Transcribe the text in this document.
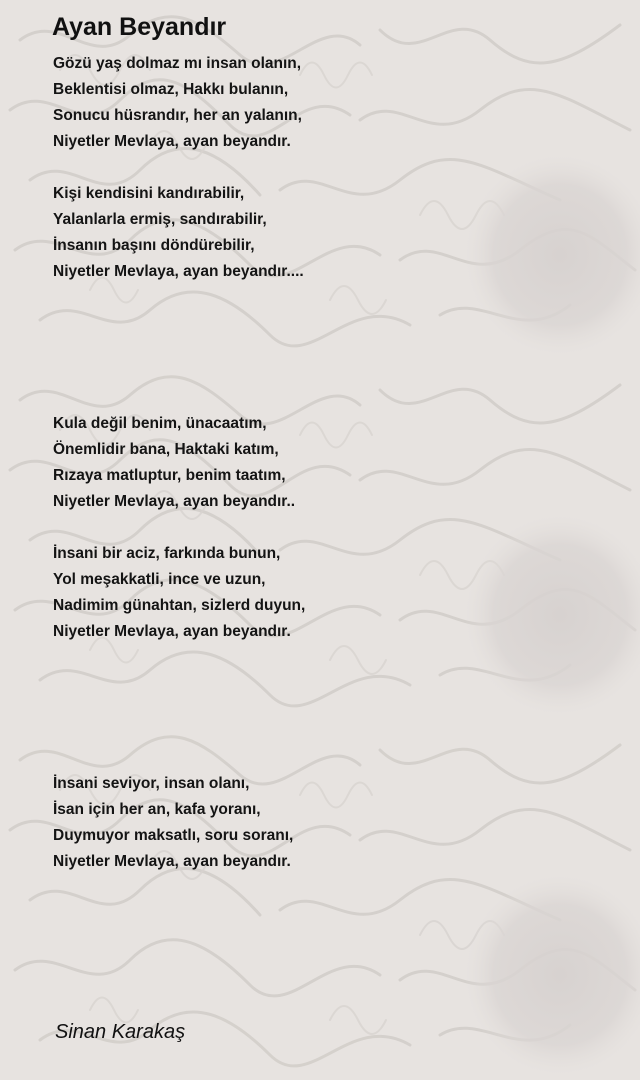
Ayan Beyandır
Gözü yaş dolmaz mı insan olanın,
Beklentisi olmaz, Hakkı bulanın,
Sonucu hüsrandır, her an yalanın,
Niyetler Mevlaya, ayan beyandır.
Kişi kendisini kandırabilir,
Yalanlarla ermiş, sandırabilir,
İnsanın başını döndürebilir,
Niyetler Mevlaya, ayan beyandır....
Kula değil benim, ünacaatım,
Önemlidir bana, Haktaki katım,
Rızaya matluptur, benim taatım,
Niyetler Mevlaya, ayan beyandır..
İnsani bir aciz, farkında bunun,
Yol meşakkatli, ince ve uzun,
Nadimim günahtan, sizlerd duyun,
Niyetler Mevlaya, ayan beyandır.
İnsani seviyor, insan olanı,
İsan için her an, kafa yoranı,
Duymuyor maksatlı, soru soranı,
Niyetler Mevlaya, ayan beyandır.

Sinan Karakaş
